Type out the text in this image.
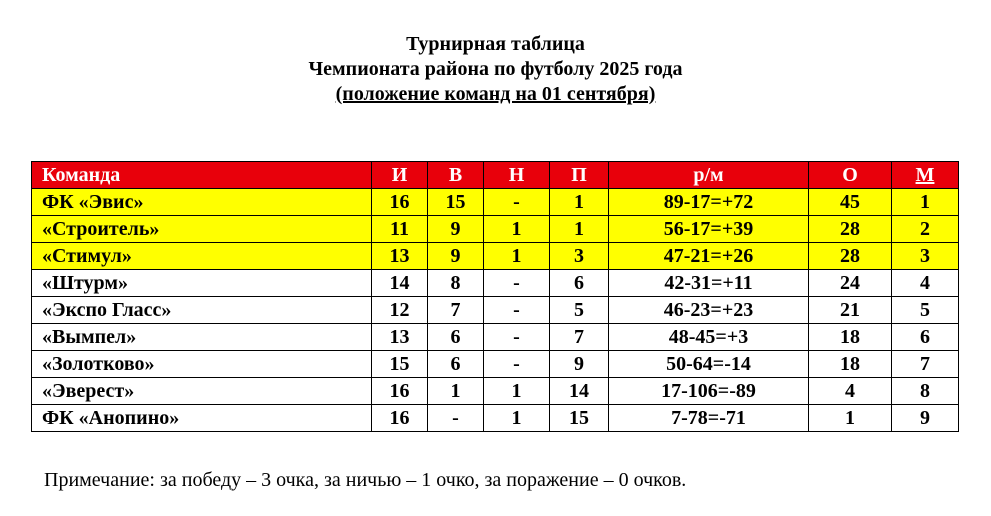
Турнирная таблица
Чемпионата района по футболу 2025 года
(положение команд на 01 сентября)
Команда	И	В	Н	П	р/м	О	М
ФК «Эвис»	16	15	-	1	89-17=+72	45	1
«Строитель»	11	9	1	1	56-17=+39	28	2
«Стимул»	13	9	1	3	47-21=+26	28	3
«Штурм»	14	8	-	6	42-31=+11	24	4
«Экспо Гласс»	12	7	-	5	46-23=+23	21	5
«Вымпел»	13	6	-	7	48-45=+3	18	6
«Золотково»	15	6	-	9	50-64=-14	18	7
«Эверест»	16	1	1	14	17-106=-89	4	8
ФК «Анопино»	16	-	1	15	7-78=-71	1	9
Примечание: за победу – 3 очка, за ничью – 1 очко, за поражение – 0 очков.
